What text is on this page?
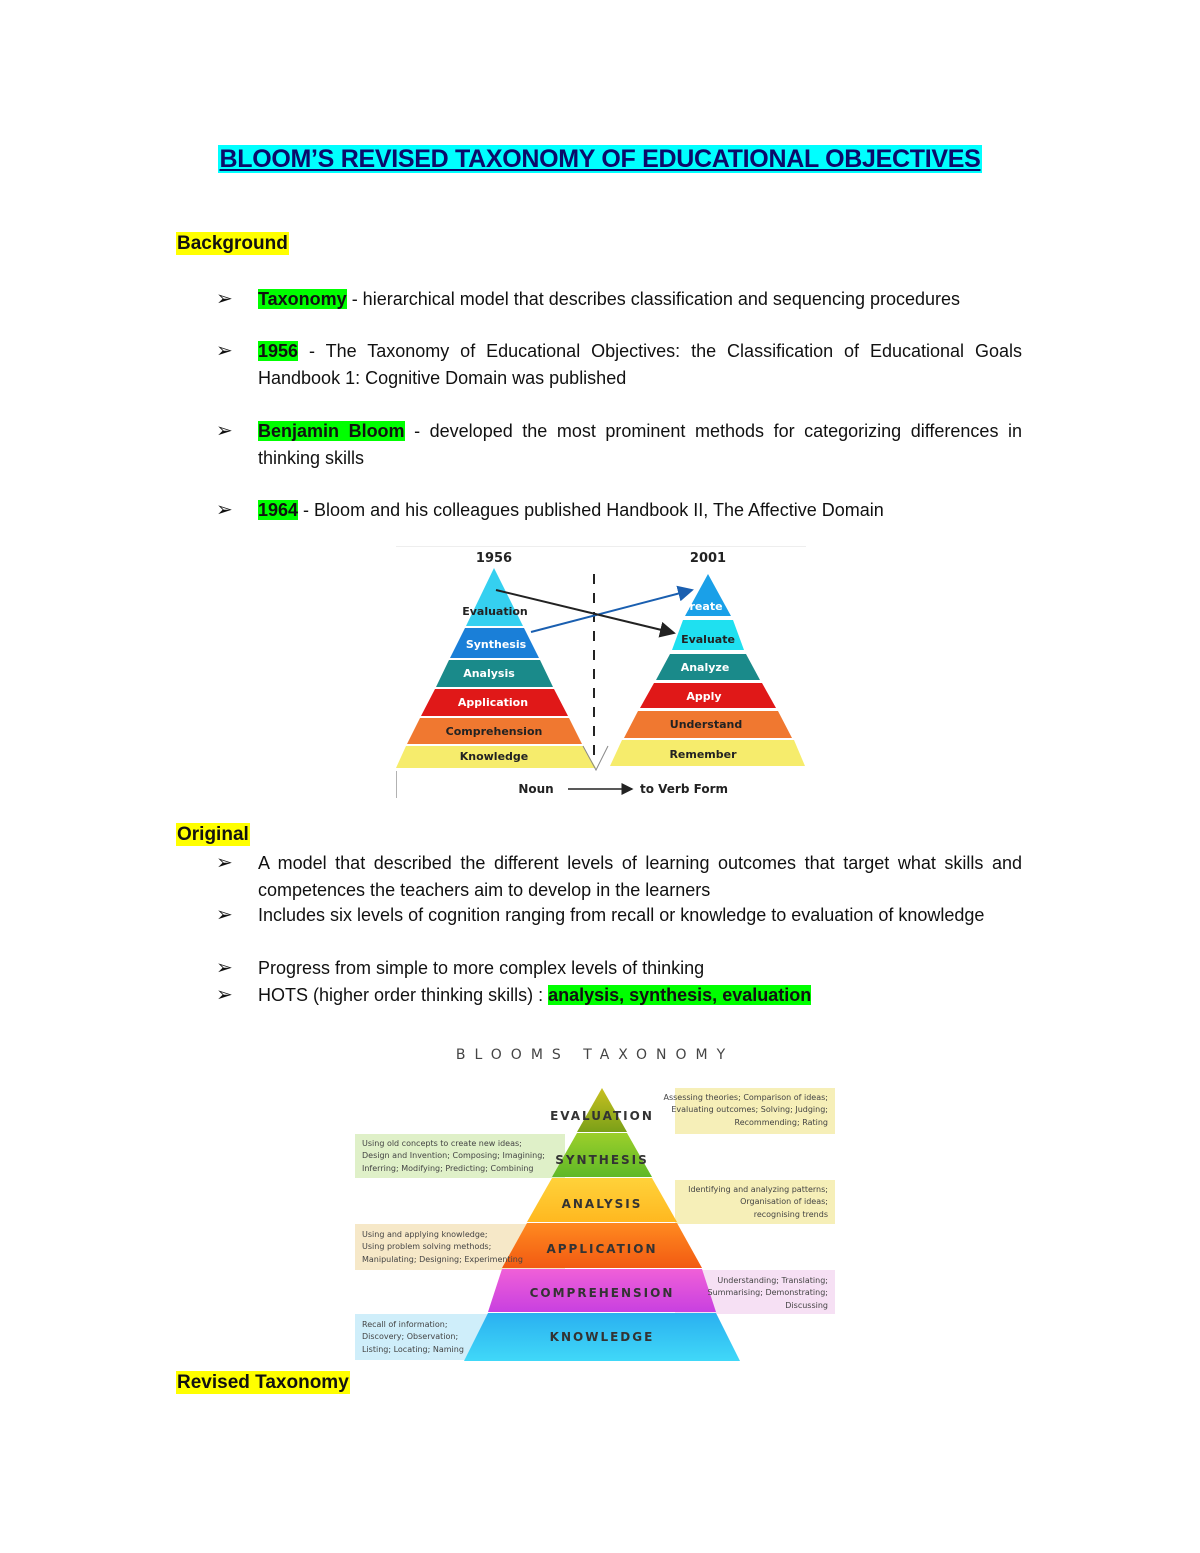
BLOOM’S REVISED TAXONOMY OF EDUCATIONAL OBJECTIVES
Background
➢ Taxonomy - hierarchical model that describes classification and sequencing procedures
➢ 1956 - The Taxonomy of Educational Objectives: the Classification of Educational Goals Handbook 1: Cognitive Domain was published
➢ Benjamin Bloom - developed the most prominent methods for categorizing differences in thinking skills
➢ 1964 - Bloom and his colleagues published Handbook II, The Affective Domain
1956	2001
Evaluation
Synthesis
Analysis
Application
Comprehension
Knowledge
Create
Evaluate
Analyze
Apply
Understand
Remember
Noun	to Verb Form
Original
➢ A model that described the different levels of learning outcomes that target what skills and competences the teachers aim to develop in the learners
➢ Includes six levels of cognition ranging from recall or knowledge to evaluation of knowledge
➢ Progress from simple to more complex levels of thinking
➢ HOTS (higher order thinking skills) : analysis, synthesis, evaluation
BLOOMS TAXONOMY
EVALUATION
SYNTHESIS
ANALYSIS
APPLICATION
COMPREHENSION
KNOWLEDGE
Assessing theories; Comparison of ideas;
Evaluating outcomes; Solving; Judging;
Recommending; Rating
Using old concepts to create new ideas;
Design and Invention; Composing; Imagining;
Inferring; Modifying; Predicting; Combining
Identifying and analyzing patterns;
Organisation of ideas;
recognising trends
Using and applying knowledge;
Using problem solving methods;
Manipulating; Designing; Experimenting
Understanding; Translating;
Summarising; Demonstrating;
Discussing
Recall of information;
Discovery; Observation;
Listing; Locating; Naming
Revised Taxonomy
